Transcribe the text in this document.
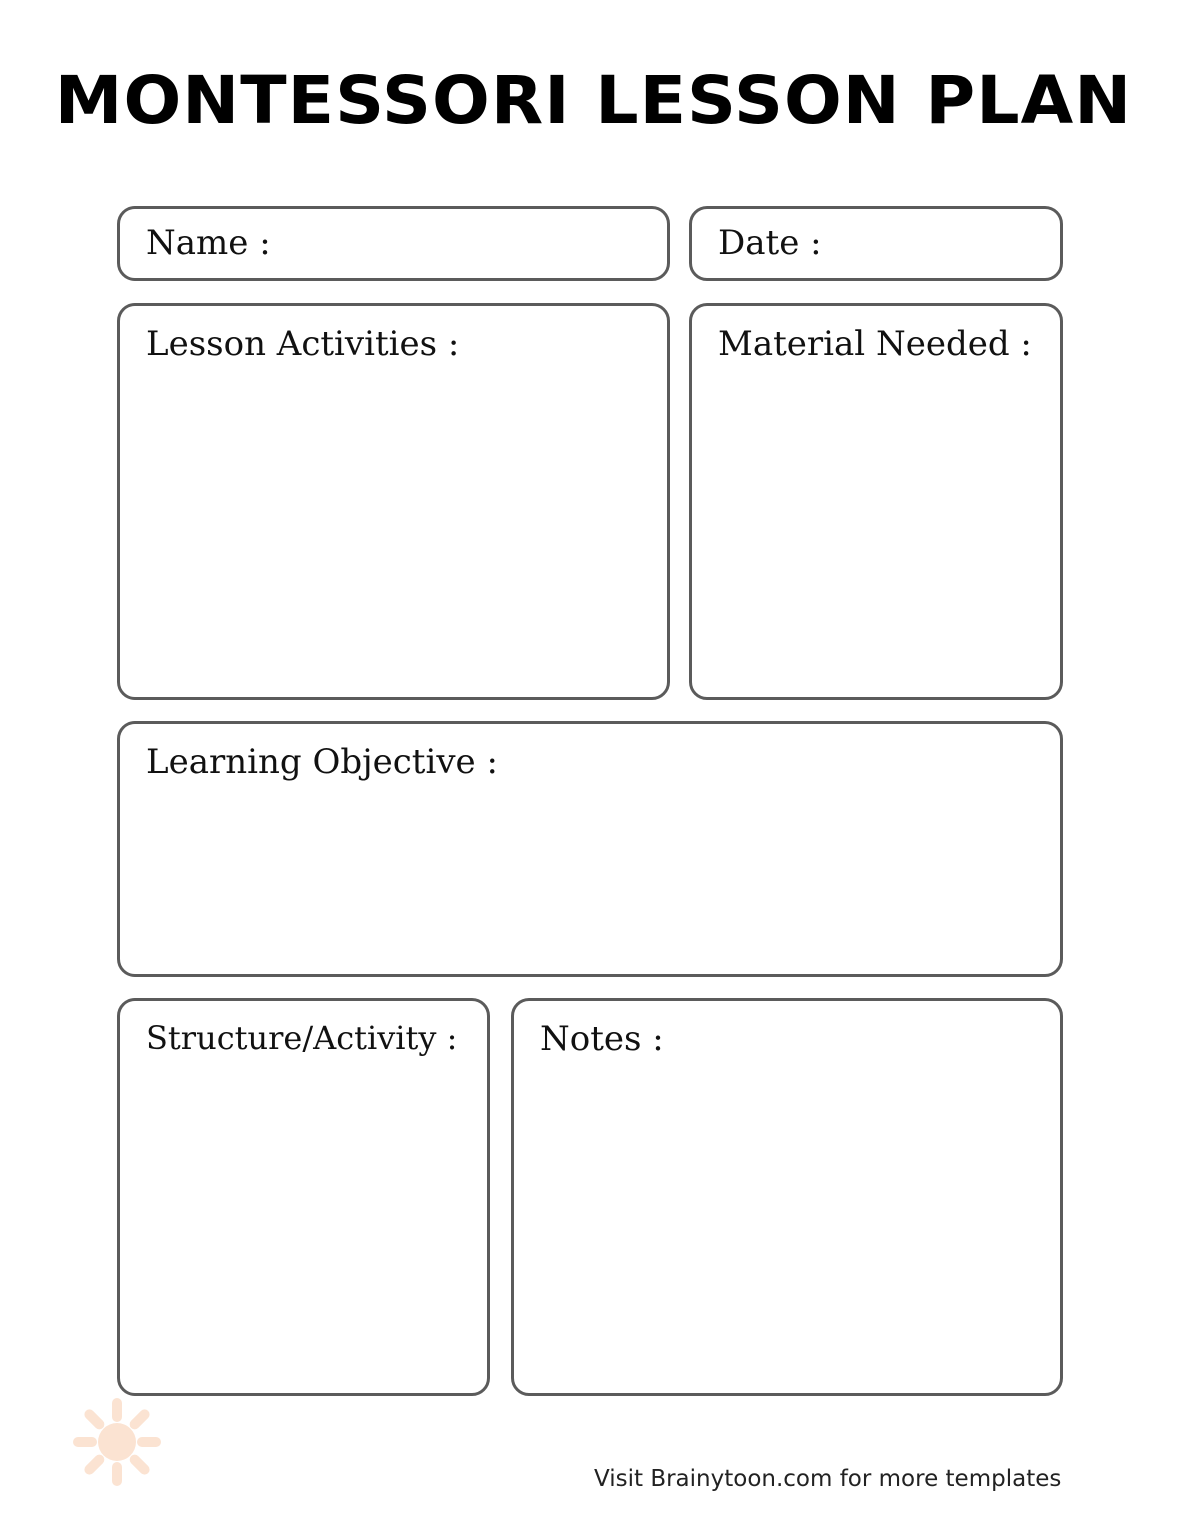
MONTESSORI LESSON PLAN
Name :	Date :
Lesson Activities :	Material Needed :
Learning Objective :
Structure/Activity : Notes :
Visit Brainytoon.com for more templates
